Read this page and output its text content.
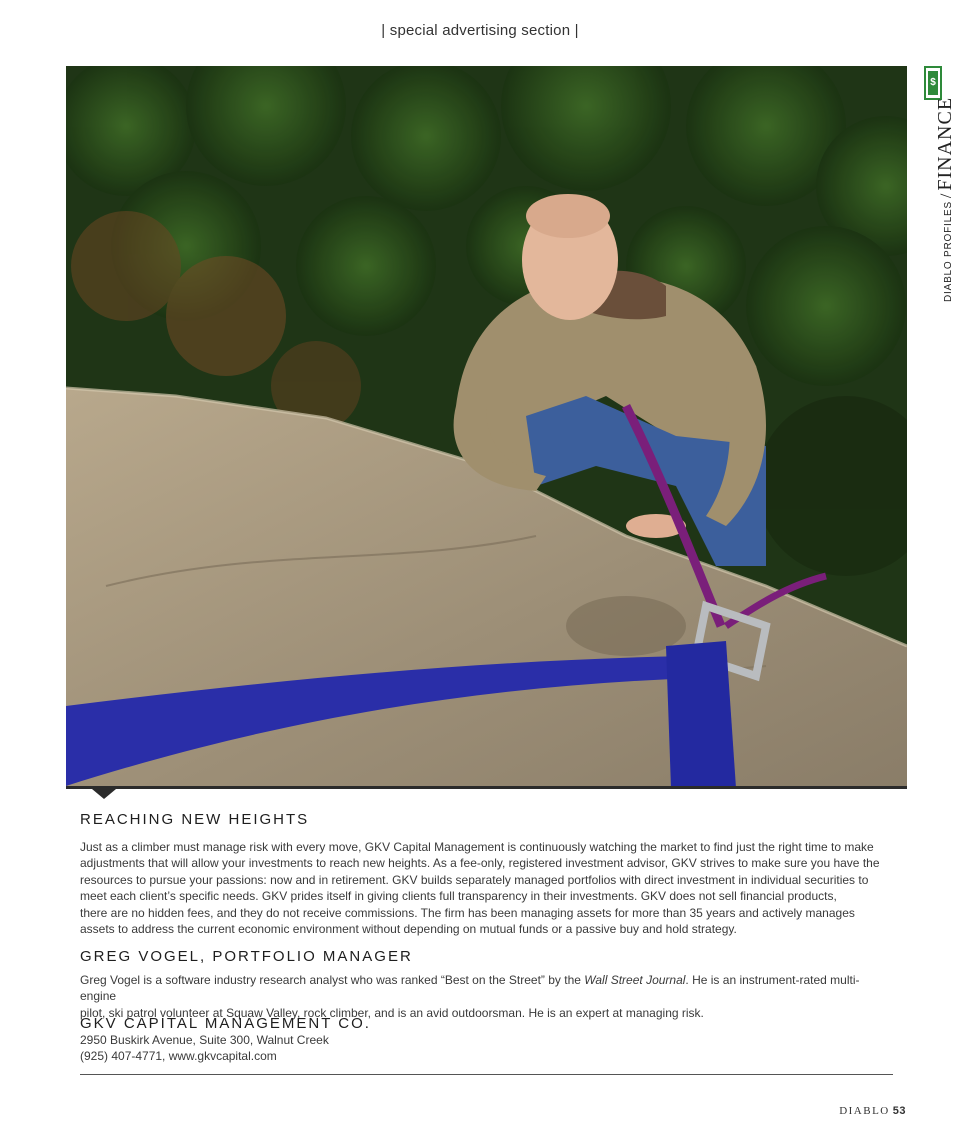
| special advertising section |
$
DIABLO PROFILES/FINANCE
REACHING NEW HEIGHTS

Just as a climber must manage risk with every move, GKV Capital Management is continuously watching the market to find just the right time to make
adjustments that will allow your investments to reach new heights. As a fee-only, registered investment advisor, GKV strives to make sure you have the
resources to pursue your passions: now and in retirement. GKV builds separately managed portfolios with direct investment in individual securities to
meet each client’s specific needs. GKV prides itself in giving clients full transparency in their investments. GKV does not sell financial products,
there are no hidden fees, and they do not receive commissions. The firm has been managing assets for more than 35 years and actively manages
assets to address the current economic environment without depending on mutual funds or a passive buy and hold strategy.

GREG VOGEL, PORTFOLIO MANAGER

Greg Vogel is a software industry research analyst who was ranked “Best on the Street” by the Wall Street Journal. He is an instrument-rated multi-engine
pilot, ski patrol volunteer at Squaw Valley, rock climber, and is an avid outdoorsman. He is an expert at managing risk.

GKV CAPITAL MANAGEMENT CO.
2950 Buskirk Avenue, Suite 300, Walnut Creek
(925) 407-4771, www.gkvcapital.com
DIABLO 53
